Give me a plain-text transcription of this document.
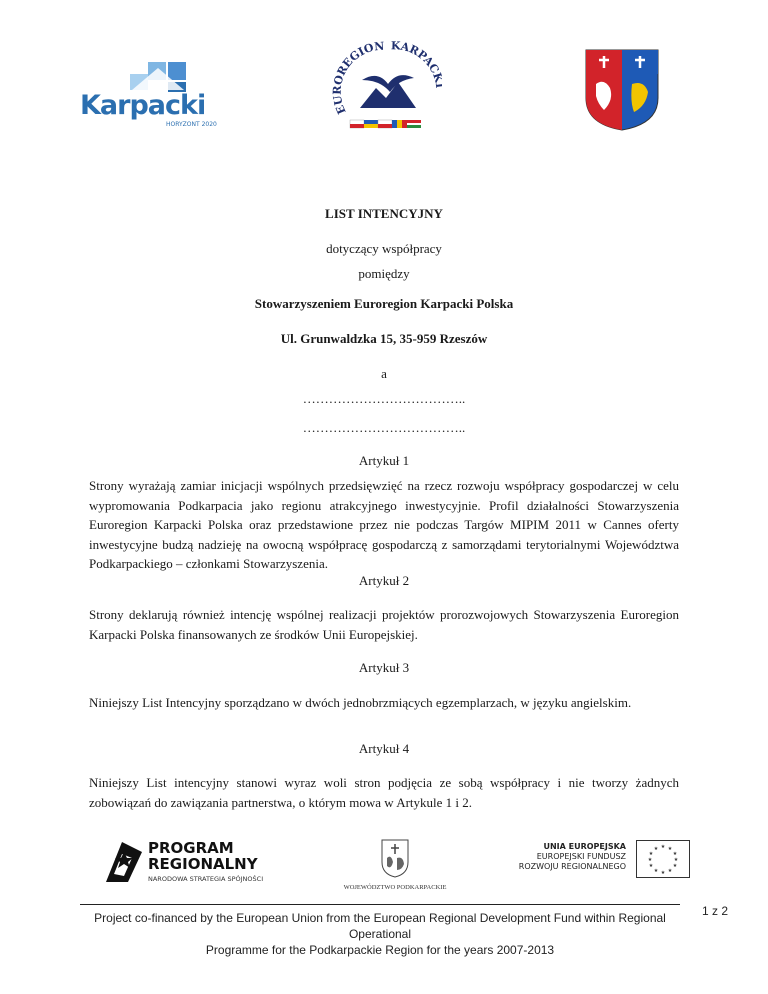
Karpacki
HORYZONT 2020
EUROREGION KARPAC
LIST INTENCYJNY
dotyczący współpracy
pomiędzy
Stowarzyszeniem Euroregion Karpacki Polska
Ul. Grunwaldzka 15, 35-959 Rzeszów
a
………………………………..
………………………………..
Artykuł 1
Strony wyrażają zamiar inicjacji wspólnych przedsięwzięć na rzecz rozwoju współpracy gospodarczej w celu wypromowania Podkarpacia jako regionu atrakcyjnego inwestycyjnie. Profil działalności Stowarzyszenia Euroregion Karpacki Polska oraz przedstawione przez nie podczas Targów MIPIM 2011 w Cannes oferty inwestycyjne budzą nadzieję na owocną współpracę gospodarczą z samorządami terytorialnymi Województwa Podkarpackiego – członkami Stowarzyszenia.
Artykuł 2
Strony deklarują również intencję wspólnej realizacji projektów prorozwojowych Stowarzyszenia Euroregion Karpacki Polska finansowanych ze środków Unii Europejskiej.
Artykuł 3
Niniejszy List Intencyjny sporządzano w dwóch jednobrzmiących egzemplarzach, w języku angielskim.
Artykuł 4
Niniejszy List intencyjny stanowi wyraz woli stron podjęcia ze sobą współpracy i nie tworzy żadnych zobowiązań do zawiązania partnerstwa, o którym mowa w Artykule 1 i 2.
PROGRAM
REGIONALNY
NARODOWA STRATEGIA SPÓJNOŚCI
WOJEWÓDZTWO PODKARPACKIE
UNIA EUROPEJSKA
EUROPEJSKI FUNDUSZ
ROZWOJU REGIONALNEGO
★ ★
★
★
★
★
★
★
★
★
★
★
Project co-financed by the European Union from the European Regional Development Fund within Regional Operational
Programme for the Podkarpackie Region for the years 2007-2013
1 z 2
